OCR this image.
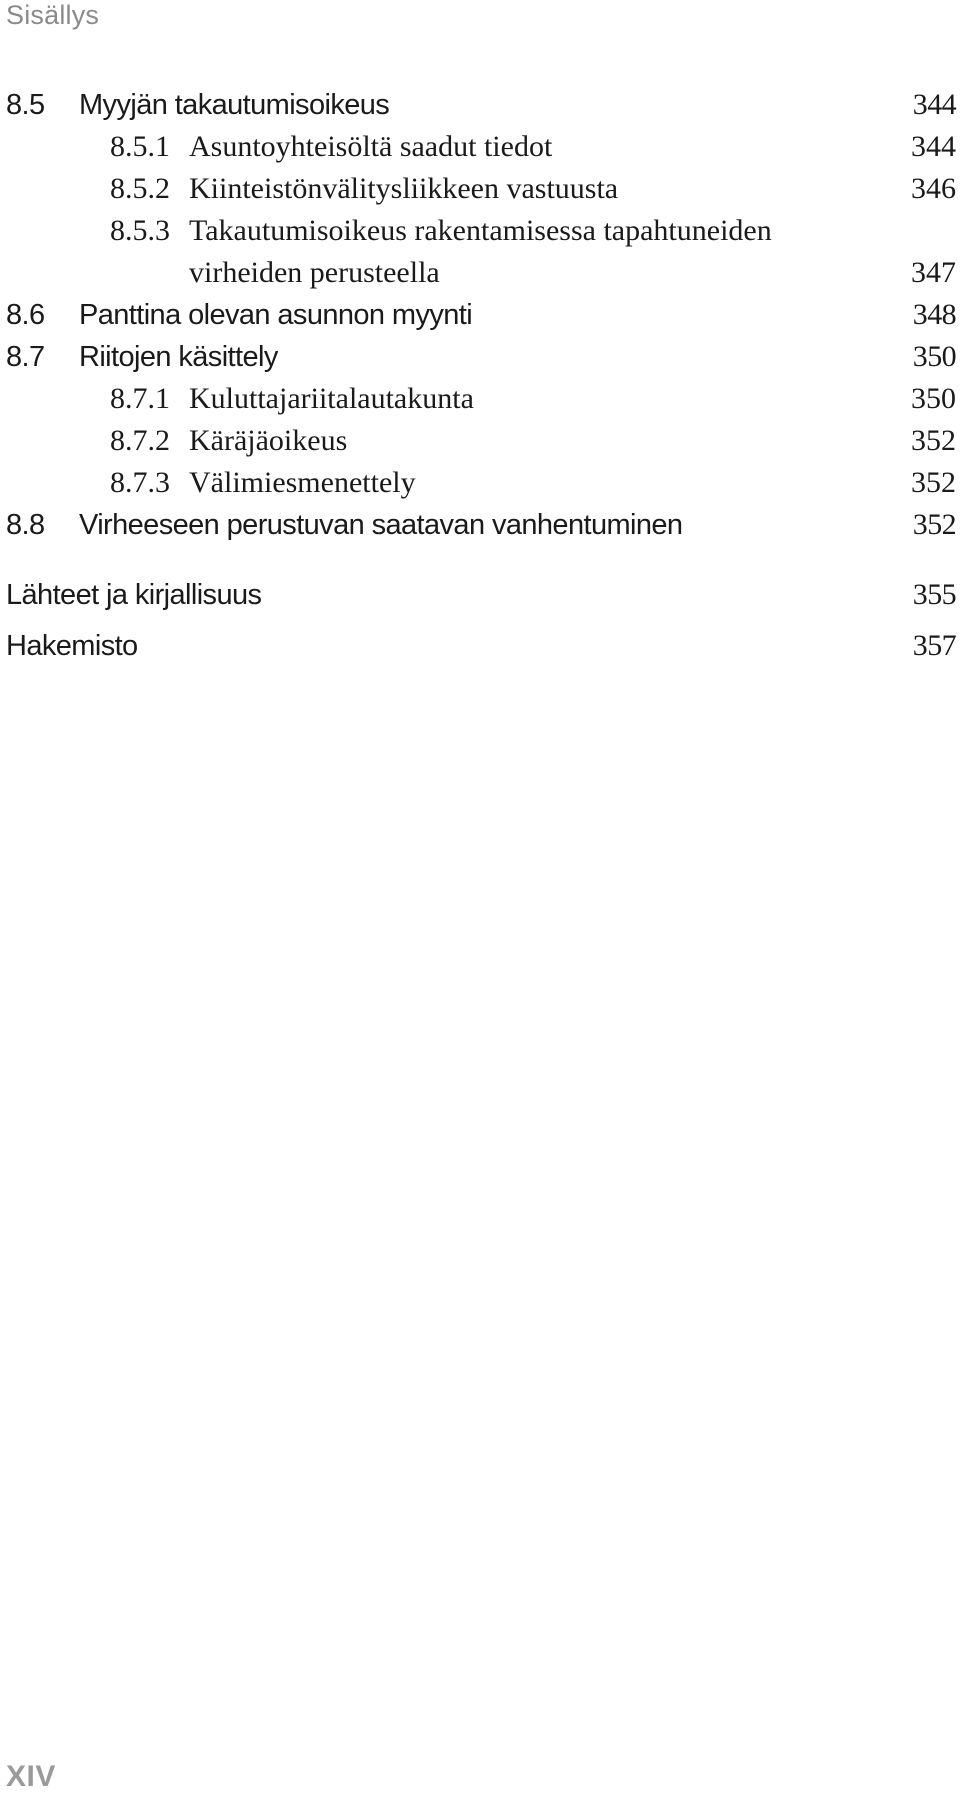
Sisällys
8.5	Myyjän takautumisoikeus	344
8.5.1 Asuntoyhteisöltä saadut tiedot	344
8.5.2 Kiinteistönvälitysliikkeen vastuusta	346
8.5.3 Takautumisoikeus rakentamisessa tapahtuneiden
virheiden perusteella	347
8.6	Panttina olevan asunnon myynti	348
8.7	Riitojen käsittely	350
8.7.1 Kuluttajariitalautakunta	350
8.7.2 Käräjäoikeus	352
8.7.3 Välimiesmenettely	352
8.8	Virheeseen perustuvan saatavan vanhentuminen	352
Lähteet ja kirjallisuus	355
Hakemisto	357
XIV
